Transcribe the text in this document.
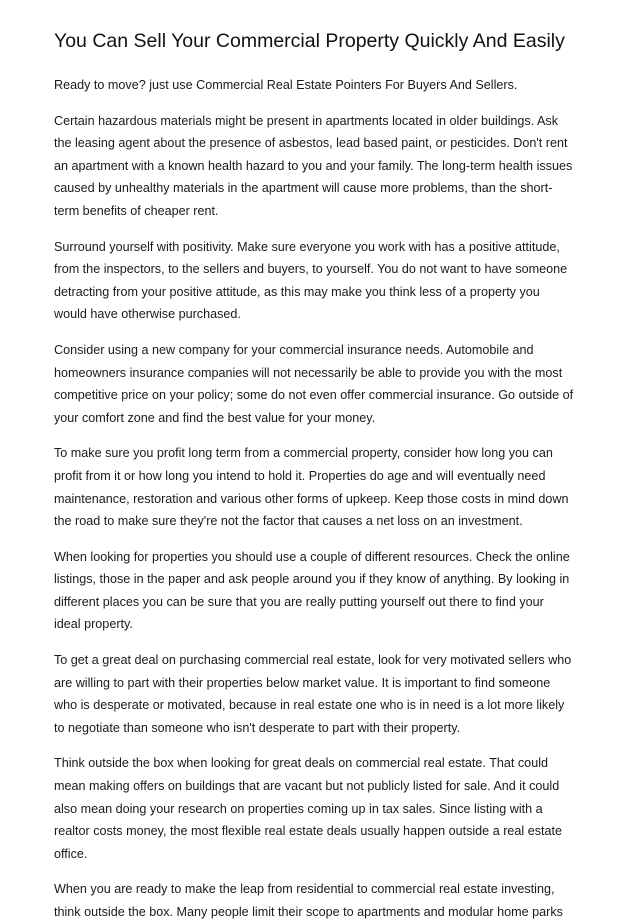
You Can Sell Your Commercial Property Quickly And Easily

Ready to move? just use Commercial Real Estate Pointers For Buyers And Sellers.

Certain hazardous materials might be present in apartments located in older buildings. Ask
the leasing agent about the presence of asbestos, lead based paint, or pesticides. Don't rent
an apartment with a known health hazard to you and your family. The long-term health issues
caused by unhealthy materials in the apartment will cause more problems, than the short-
term benefits of cheaper rent.

Surround yourself with positivity. Make sure everyone you work with has a positive attitude,
from the inspectors, to the sellers and buyers, to yourself. You do not want to have someone
detracting from your positive attitude, as this may make you think less of a property you
would have otherwise purchased.

Consider using a new company for your commercial insurance needs. Automobile and
homeowners insurance companies will not necessarily be able to provide you with the most
competitive price on your policy; some do not even offer commercial insurance. Go outside of
your comfort zone and find the best value for your money.

To make sure you profit long term from a commercial property, consider how long you can
profit from it or how long you intend to hold it. Properties do age and will eventually need
maintenance, restoration and various other forms of upkeep. Keep those costs in mind down
the road to make sure they're not the factor that causes a net loss on an investment.

When looking for properties you should use a couple of different resources. Check the online
listings, those in the paper and ask people around you if they know of anything. By looking in
different places you can be sure that you are really putting yourself out there to find your
ideal property.

To get a great deal on purchasing commercial real estate, look for very motivated sellers who
are willing to part with their properties below market value. It is important to find someone
who is desperate or motivated, because in real estate one who is in need is a lot more likely
to negotiate than someone who isn't desperate to part with their property.

Think outside the box when looking for great deals on commercial real estate. That could
mean making offers on buildings that are vacant but not publicly listed for sale. And it could
also mean doing your research on properties coming up in tax sales. Since listing with a
realtor costs money, the most flexible real estate deals usually happen outside a real estate
office.

When you are ready to make the leap from residential to commercial real estate investing,
think outside the box. Many people limit their scope to apartments and modular home parks
